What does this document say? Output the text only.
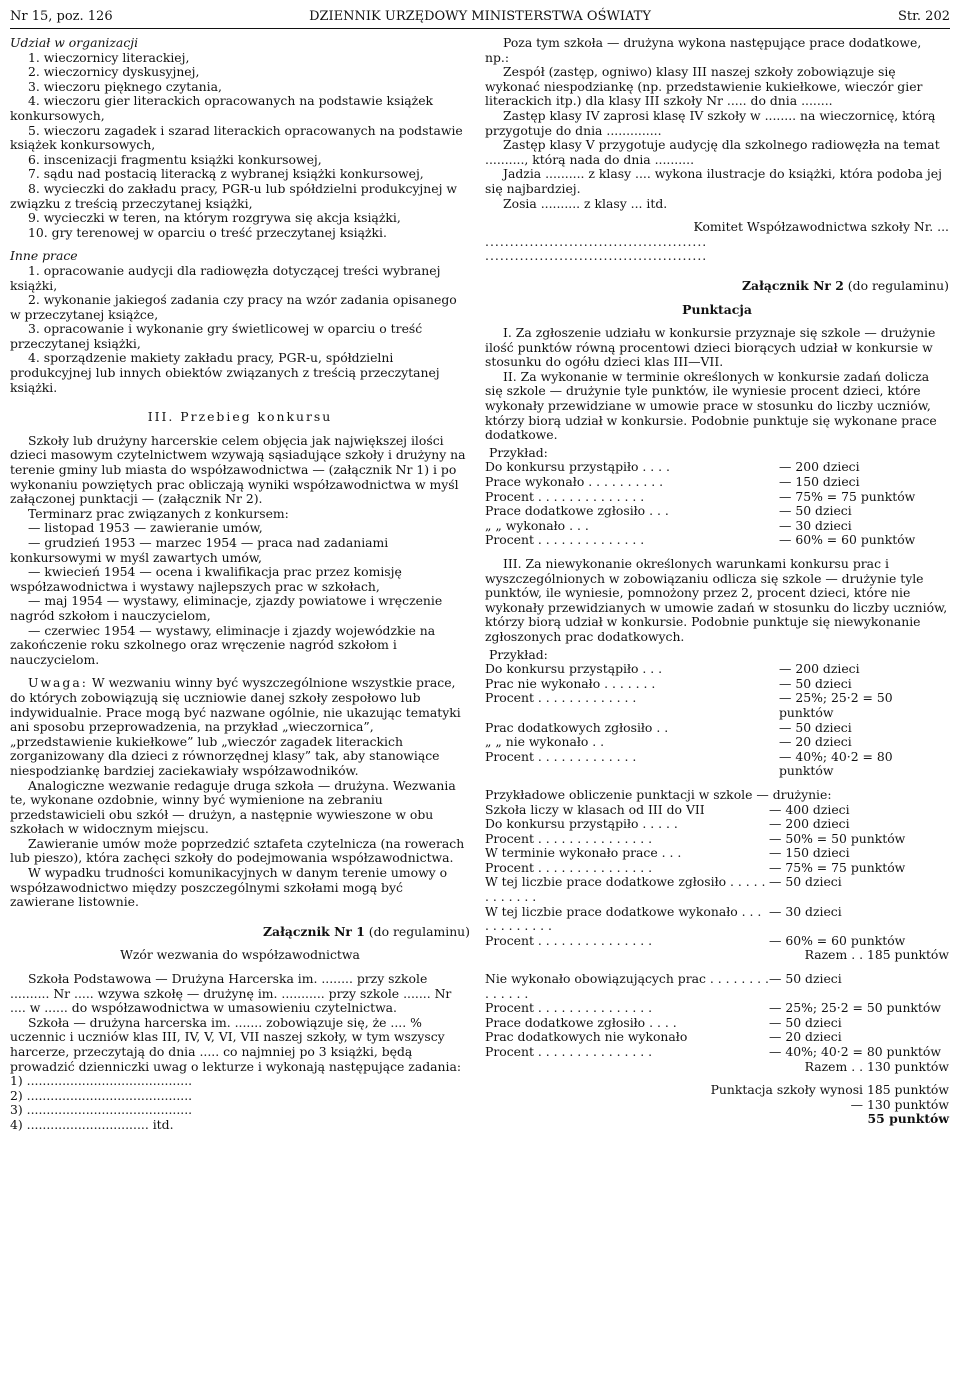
Nr 15, poz. 126	DZIENNIK URZĘDOWY MINISTERSTWA OŚWIATY	Str. 202

Udział w organizacji

1. wieczornicy literackiej,

2. wieczornicy dyskusyjnej,

3. wieczoru pięknego czytania,

4. wieczoru gier literackich opracowanych na podstawie książek konkursowych,

5. wieczoru zagadek i szarad literackich opracowanych na podstawie książek konkursowych,

6. inscenizacji fragmentu książki konkursowej,

7. sądu nad postacią literacką z wybranej książki konkursowej,

8. wycieczki do zakładu pracy, PGR-u lub spółdzielni produkcyjnej w związku z treścią przeczytanej książki,

9. wycieczki w teren, na którym rozgrywa się akcja książki,

10. gry terenowej w oparciu o treść przeczytanej książki.

Inne prace

1. opracowanie audycji dla radiowęzła dotyczącej treści wybranej książki,

2. wykonanie jakiegoś zadania czy pracy na wzór zadania opisanego w przeczytanej książce,

3. opracowanie i wykonanie gry świetlicowej w oparciu o treść przeczytanej książki,

4. sporządzenie makiety zakładu pracy, PGR-u, spółdzielni produkcyjnej lub innych obiektów związanych z treścią przeczytanej książki.

III. Przebieg konkursu

Szkoły lub drużyny harcerskie celem objęcia jak największej ilości dzieci masowym czytelnictwem wzywają sąsiadujące szkoły i drużyny na terenie gminy lub miasta do współzawodnictwa — (załącznik Nr 1) i po wykonaniu powziętych prac obliczają wyniki współzawodnictwa w myśl załączonej punktacji — (załącznik Nr 2).

Terminarz prac związanych z konkursem:

— listopad 1953 — zawieranie umów,

— grudzień 1953 — marzec 1954 — praca nad zadaniami konkursowymi w myśl zawartych umów,

— kwiecień 1954 — ocena i kwalifikacja prac przez komisję współzawodnictwa i wystawy najlepszych prac w szkołach,

— maj 1954 — wystawy, eliminacje, zjazdy powiatowe i wręczenie nagród szkołom i nauczycielom,

— czerwiec 1954 — wystawy, eliminacje i zjazdy wojewódzkie na zakończenie roku szkolnego oraz wręczenie nagród szkołom i nauczycielom.

Uwaga: W wezwaniu winny być wyszczególnione wszystkie prace, do których zobowiązują się uczniowie danej szkoły zespołowo lub indywidualnie. Prace mogą być nazwane ogólnie, nie ukazując tematyki ani sposobu przeprowadzenia, na przykład „wieczornica”, „przedstawienie kukiełkowe” lub „wieczór zagadek literackich zorganizowany dla dzieci z równorzędnej klasy” tak, aby stanowiące niespodziankę bardziej zaciekawiały współzawodników.

Analogiczne wezwanie redaguje druga szkoła — drużyna. Wezwania te, wykonane ozdobnie, winny być wymienione na zebraniu przedstawicieli obu szkół — drużyn, a następnie wywieszone w obu szkołach w widocznym miejscu.

Zawieranie umów może poprzedzić sztafeta czytelnicza (na rowerach lub pieszo), która zachęci szkoły do podejmowania współzawodnictwa.

W wypadku trudności komunikacyjnych w danym terenie umowy o współzawodnictwo między poszczególnymi szkołami mogą być zawierane listownie.

Załącznik Nr 1 (do regulaminu)

Wzór wezwania do współzawodnictwa

Szkoła Podstawowa — Drużyna Harcerska im. ........ przy szkole .......... Nr ..... wzywa szkołę — drużynę im. ........... przy szkole ....... Nr .... w ...... do współzawodnictwa w umasowieniu czytelnictwa.

Szkoła — drużyna harcerska im. ....... zobowiązuje się, że .... % uczennic i uczniów klas III, IV, V, VI, VII naszej szkoły, w tym wszyscy harcerze, przeczytają do dnia ..... co najmniej po 3 książki, będą prowadzić dzienniczki uwag o lekturze i wykonają następujące zadania:

1) ..........................................

2) ..........................................

3) ..........................................

4) ............................... itd.

Poza tym szkoła — drużyna wykona następujące prace dodatkowe, np.:

Zespół (zastęp, ogniwo) klasy III naszej szkoły zobowiązuje się wykonać niespodziankę (np. przedstawienie kukiełkowe, wieczór gier literackich itp.) dla klasy III szkoły Nr ..... do dnia ........

Zastęp klasy IV zaprosi klasę IV szkoły w ........ na wieczornicę, którą przygotuje do dnia ..............

Zastęp klasy V przygotuje audycję dla szkolnego radiowęzła na temat .........., którą nada do dnia ..........

Jadzia .......... z klasy .... wykona ilustracje do książki, która podoba jej się najbardziej.

Zosia .......... z klasy ... itd.

Komitet Współzawodnictwa szkoły Nr. ...

.............................................

.............................................

Załącznik Nr 2 (do regulaminu)

Punktacja

I. Za zgłoszenie udziału w konkursie przyznaje się szkole — drużynie ilość punktów równą procentowi dzieci biorących udział w konkursie w stosunku do ogółu dzieci klas III—VII.

II. Za wykonanie w terminie określonych w konkursie zadań dolicza się szkole — drużynie tyle punktów, ile wyniesie procent dzieci, które wykonały przewidziane w umowie prace w stosunku do liczby uczniów, którzy biorą udział w konkursie. Podobnie punktuje się wykonane prace dodatkowe.

Przykład:

Do konkursu przystąpiło . . . .	— 200 dzieci
Prace wykonało . . . . . . . . . .	— 150 dzieci
Procent . . . . . . . . . . . . . .	— 75% = 75 punktów
Prace dodatkowe zgłosiło . . .	— 50 dzieci
„ „ wykonało . . .	— 30 dzieci
Procent . . . . . . . . . . . . . .	— 60% = 60 punktów

III. Za niewykonanie określonych warunkami konkursu prac i wyszczególnionych w zobowiązaniu odlicza się szkole — drużynie tyle punktów, ile wyniesie, pomnożony przez 2, procent dzieci, które nie wykonały przewidzianych w umowie zadań w stosunku do liczby uczniów, którzy biorą udział w konkursie. Podobnie punktuje się niewykonanie zgłoszonych prac dodatkowych.

Przykład:

Do konkursu przystąpiło . . .	— 200 dzieci
Prac nie wykonało . . . . . . .	— 50 dzieci
Procent . . . . . . . . . . . . .	— 25%; 25·2 = 50 punktów
Prac dodatkowych zgłosiło . .	— 50 dzieci
„ „ nie wykonało . .	— 20 dzieci
Procent . . . . . . . . . . . . .	— 40%; 40·2 = 80 punktów

Przykładowe obliczenie punktacji w szkole — drużynie:

Szkoła liczy w klasach od III do VII	— 400 dzieci
Do konkursu przystąpiło . . . . .	— 200 dzieci
Procent . . . . . . . . . . . . . . .	— 50% = 50 punktów
W terminie wykonało prace . . .	— 150 dzieci
Procent . . . . . . . . . . . . . . .	— 75% = 75 punktów
W tej liczbie prace dodatkowe zgłosiło . . . . . . . . . . . .
— 50 dzieci
W tej liczbie prace dodatkowe wykonało . . . . . . . . . . . .
— 30 dzieci
Procent . . . . . . . . . . . . . . .	— 60% = 60 punktów

Razem . . 185 punktów

Nie wykonało obowiązujących prac . . . . . . . . . . . . . .
— 50 dzieci
Procent . . . . . . . . . . . . . . .	— 25%; 25·2 = 50 punktów
Prace dodatkowe zgłosiło . . . .	— 50 dzieci
Prac dodatkowych nie wykonało	— 20 dzieci
Procent . . . . . . . . . . . . . . .	— 40%; 40·2 = 80 punktów

Razem . . 130 punktów

Punktacja szkoły wynosi 185 punktów

— 130 punktów

55 punktów
